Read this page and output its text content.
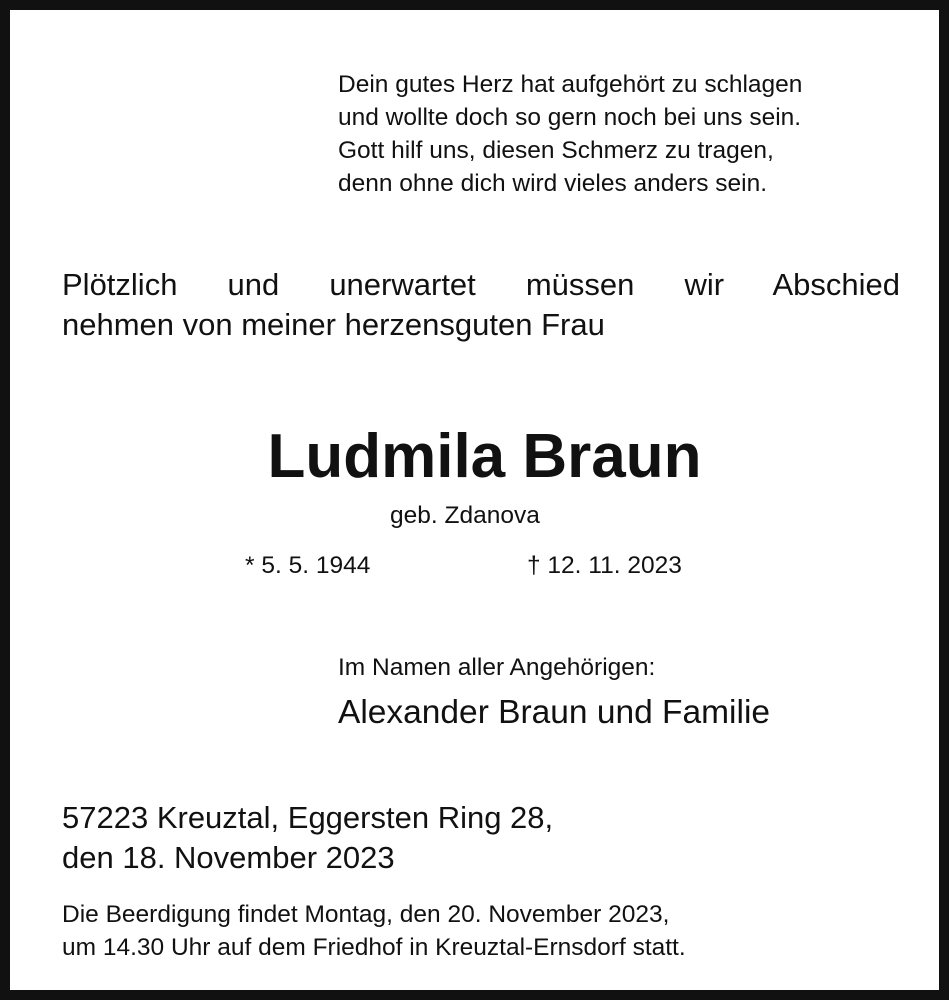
Dein gutes Herz hat aufgehört zu schlagen
und wollte doch so gern noch bei uns sein.
Gott hilf uns, diesen Schmerz zu tragen,
denn ohne dich wird vieles anders sein.

Plötzlich und unerwartet müssen wir Abschied
nehmen von meiner herzensguten Frau

Ludmila Braun

geb. Zdanova

* 5. 5. 1944	† 12. 11. 2023

Im Namen aller Angehörigen:

Alexander Braun und Familie

57223 Kreuztal, Eggersten Ring 28,
den 18. November 2023

Die Beerdigung findet Montag, den 20. November 2023,
um 14.30 Uhr auf dem Friedhof in Kreuztal-Ernsdorf statt.
